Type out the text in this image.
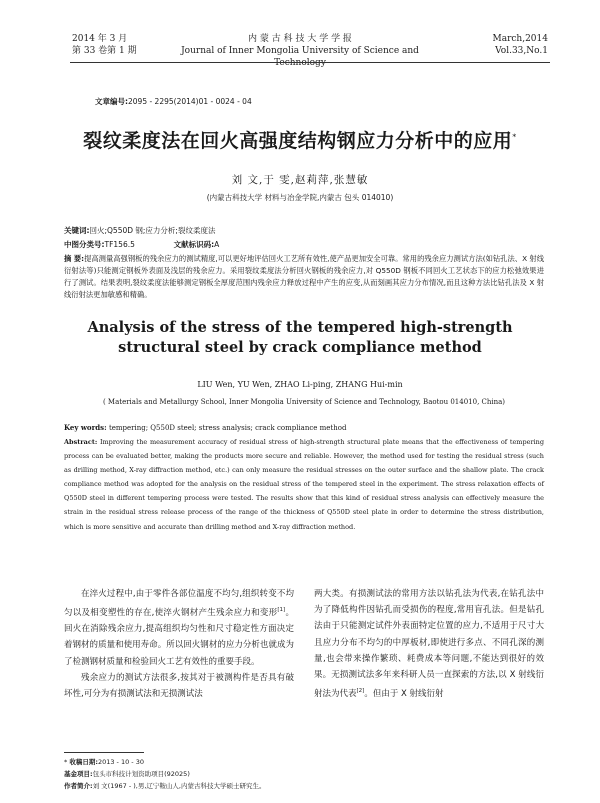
2014 年 3 月
第 33 卷第 1 期
内 蒙 古 科 技 大 学 学 报
Journal of Inner Mongolia University of Science and Technology
March,2014
Vol.33,No.1
文章编号:2095 - 2295(2014)01 - 0024 - 04
裂纹柔度法在回火高强度结构钢应力分析中的应用*
刘 文,于 雯,赵莉萍,张慧敏
(内蒙古科技大学 材料与冶金学院,内蒙古 包头 014010)
关键词:回火;Q550D 钢;应力分析;裂纹柔度法
中图分类号:TF156.5	文献标识码:A
摘 要:提高测量高强钢板的残余应力的测试精度,可以更好地评估回火工艺所有效性,使产品更加安全可靠。常用的残余应力测试方法(如钻孔法、X 射线衍射法等)只能测定钢板外表面及浅层的残余应力。采用裂纹柔度法分析回火钢板的残余应力,对 Q550D 钢板不同回火工艺状态下的应力松弛效果进行了测试。结果表明,裂纹柔度法能够测定钢板全厚度范围内残余应力释放过程中产生的应变,从而刻画其应力分布情况,而且这种方法比钻孔法及 X 射线衍射法更加敏感和精确。
Analysis of the stress of the tempered high-strength
structural steel by crack compliance method
LIU Wen, YU Wen, ZHAO Li-ping, ZHANG Hui-min
( Materials and Metallurgy School, Inner Mongolia University of Science and Technology, Baotou 014010, China)
Key words: tempering; Q550D steel; stress analysis; crack compliance method
Abstract: Improving the measurement accuracy of residual stress of high-strength structural plate means that the effectiveness of tempering process can be evaluated better, making the products more secure and reliable. However, the method used for testing the residual stress (such as drilling method, X-ray diffraction method, etc.) can only measure the residual stresses on the outer surface and the shallow plate. The crack compliance method was adopted for the analysis on the residual stress of the tempered steel in the experiment. The stress relaxation effects of Q550D steel in different tempering process were tested. The results show that this kind of residual stress analysis can effectively measure the strain in the residual stress release process of the range of the thickness of Q550D steel plate in order to determine the stress distribution, which is more sensitive and accurate than drilling method and X-ray diffraction method.

在淬火过程中,由于零件各部位温度不均匀,组织转变不均匀以及相变塑性的存在,使淬火钢材产生残余应力和变形[1]。回火在消除残余应力,提高组织均匀性和尺寸稳定性方面决定着钢材的质量和使用寿命。所以回火钢材的应力分析也就成为了检测钢材质量和检验回火工艺有效性的重要手段。

残余应力的测试方法很多,按其对于被测构件是否具有破坏性,可分为有损测试法和无损测试法

两大类。有损测试法的常用方法以钻孔法为代表,在钻孔法中为了降低构件因钻孔而受损伤的程度,常用盲孔法。但是钻孔法由于只能测定试件外表面特定位置的应力,不适用于尺寸大且应力分布不均匀的中厚板材,即使进行多点、不同孔深的测量,也会带来操作繁琐、耗费成本等问题,不能达到很好的效果。无损测试法多年来科研人员一直探索的方法,以 X 射线衍射法为代表[2]。但由于 X 射线衍射

* 收稿日期:2013 - 10 - 30
基金项目:包头市科技计划资助项目(92025)
作者简介:刘 文(1967 - ),男,辽宁鞍山人,内蒙古科技大学硕士研究生。
